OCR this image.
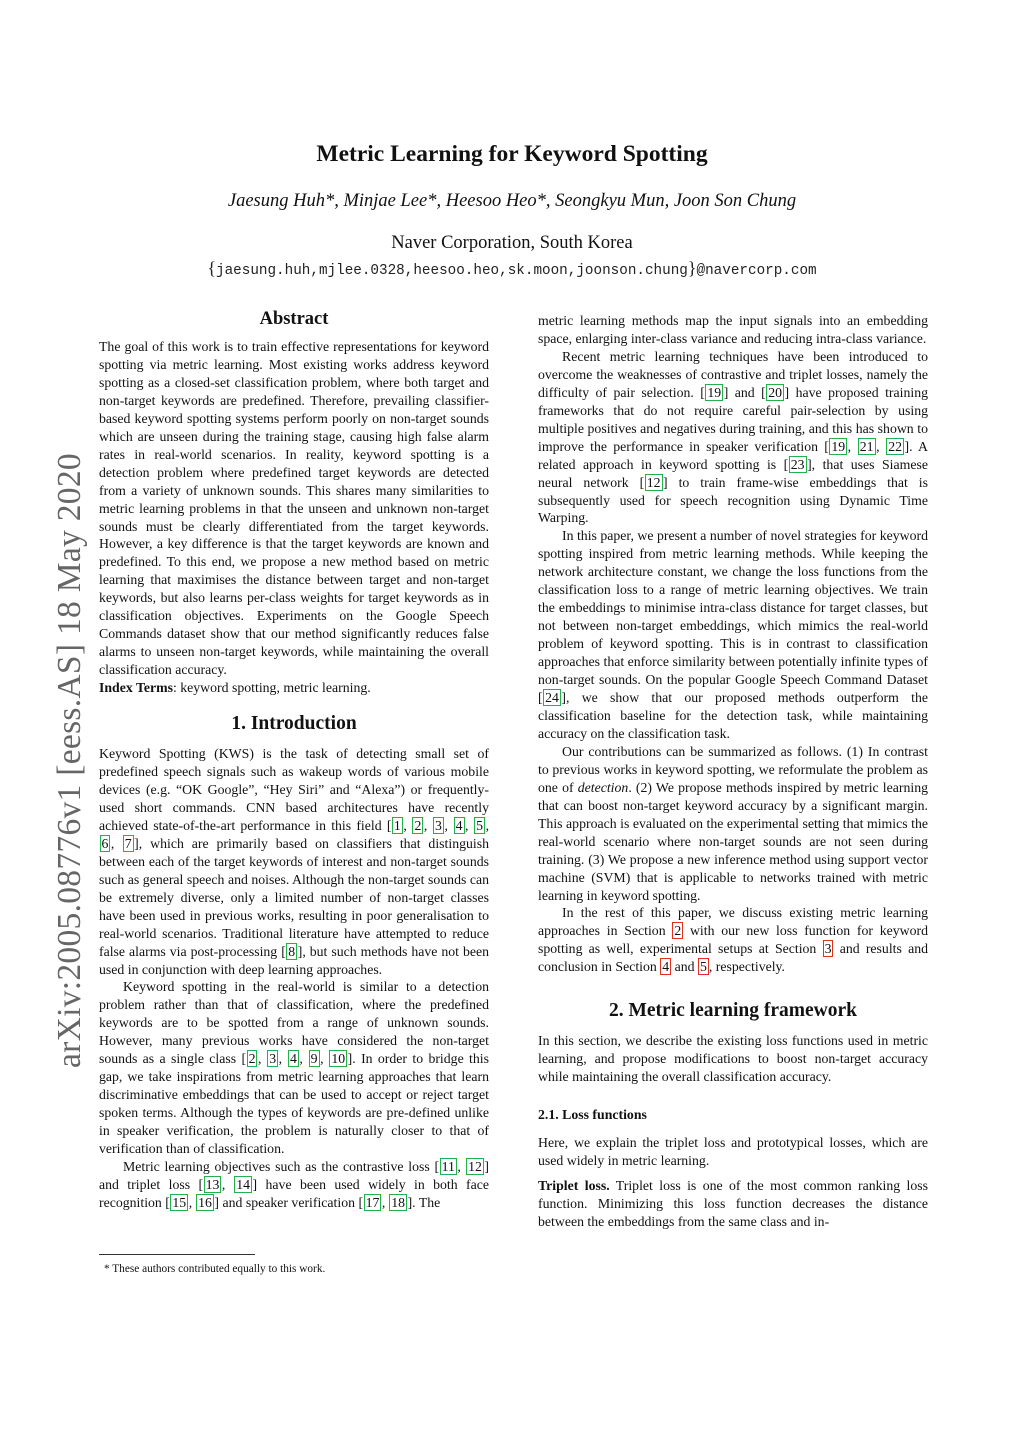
arXiv:2005.08776v1 [eess.AS] 18 May 2020
Metric Learning for Keyword Spotting
Jaesung Huh*, Minjae Lee*, Heesoo Heo*, Seongkyu Mun, Joon Son Chung
Naver Corporation, South Korea
{jaesung.huh,mjlee.0328,heesoo.heo,sk.moon,joonson.chung}@navercorp.com
Abstract

The goal of this work is to train effective representations for keyword spotting via metric learning. Most existing works address keyword spotting as a closed-set classification problem, where both target and non-target keywords are predefined. Therefore, prevailing classifier-based keyword spotting systems perform poorly on non-target sounds which are unseen during the training stage, causing high false alarm rates in real-world scenarios. In reality, keyword spotting is a detection problem where predefined target keywords are detected from a variety of unknown sounds. This shares many similarities to metric learning problems in that the unseen and unknown non-target sounds must be clearly differentiated from the target keywords. However, a key difference is that the target keywords are known and predefined. To this end, we propose a new method based on metric learning that maximises the distance between target and non-target keywords, but also learns per-class weights for target keywords as in classification objectives. Experiments on the Google Speech Commands dataset show that our method significantly reduces false alarms to unseen non-target keywords, while maintaining the overall classification accuracy.

Index Terms: keyword spotting, metric learning.

1. Introduction

Keyword Spotting (KWS) is the task of detecting small set of predefined speech signals such as wakeup words of various mobile devices (e.g. “OK Google”, “Hey Siri” and “Alexa”) or frequently-used short commands. CNN based architectures have recently achieved state-of-the-art performance in this field [ 1 , 2 , 3 , 4 , 5 , 6 , 7 ], which are primarily based on classifiers that distinguish between each of the target keywords of interest and non-target sounds such as general speech and noises. Although the non-target sounds can be extremely diverse, only a limited number of non-target classes have been used in previous works, resulting in poor generalisation to real-world scenarios. Traditional literature have attempted to reduce false alarms via post-processing [ 8 ], but such methods have not been used in conjunction with deep learning approaches.

Keyword spotting in the real-world is similar to a detection problem rather than that of classification, where the predefined keywords are to be spotted from a range of unknown sounds. However, many previous works have considered the non-target sounds as a single class [ 2 , 3 , 4 , 9 , 10 ]. In order to bridge this gap, we take inspirations from metric learning approaches that learn discriminative embeddings that can be used to accept or reject target spoken terms. Although the types of keywords are pre-defined unlike in speaker verification, the problem is naturally closer to that of verification than of classification.

Metric learning objectives such as the contrastive loss [ 11 , 12 ] and triplet loss [ 13 , 14 ] have been used widely in both face recognition [ 15 , 16 ] and speaker verification [ 17 , 18 ]. The

* These authors contributed equally to this work.

metric learning methods map the input signals into an embedding space, enlarging inter-class variance and reducing intra-class variance.

Recent metric learning techniques have been introduced to overcome the weaknesses of contrastive and triplet losses, namely the difficulty of pair selection. [ 19 ] and [ 20 ] have proposed training frameworks that do not require careful pair-selection by using multiple positives and negatives during training, and this has shown to improve the performance in speaker verification [ 19 , 21 , 22 ]. A related approach in keyword spotting is [ 23 ], that uses Siamese neural network [ 12 ] to train frame-wise embeddings that is subsequently used for speech recognition using Dynamic Time Warping.

In this paper, we present a number of novel strategies for keyword spotting inspired from metric learning methods. While keeping the network architecture constant, we change the loss functions from the classification loss to a range of metric learning objectives. We train the embeddings to minimise intra-class distance for target classes, but not between non-target embeddings, which mimics the real-world problem of keyword spotting. This is in contrast to classification approaches that enforce similarity between potentially infinite types of non-target sounds. On the popular Google Speech Command Dataset [ 24 ], we show that our proposed methods outperform the classification baseline for the detection task, while maintaining accuracy on the classification task.

Our contributions can be summarized as follows. (1) In contrast to previous works in keyword spotting, we reformulate the problem as one of detection. (2) We propose methods inspired by metric learning that can boost non-target keyword accuracy by a significant margin. This approach is evaluated on the experimental setting that mimics the real-world scenario where non-target sounds are not seen during training. (3) We propose a new inference method using support vector machine (SVM) that is applicable to networks trained with metric learning in keyword spotting.

In the rest of this paper, we discuss existing metric learning approaches in Section 2 with our new loss function for keyword spotting as well, experimental setups at Section 3 and results and conclusion in Section 4 and 5 , respectively.

2. Metric learning framework

In this section, we describe the existing loss functions used in metric learning, and propose modifications to boost non-target accuracy while maintaining the overall classification accuracy.

2.1. Loss functions

Here, we explain the triplet loss and prototypical losses, which are used widely in metric learning.

Triplet loss. Triplet loss is one of the most common ranking loss function. Minimizing this loss function decreases the distance between the embeddings from the same class and in-
